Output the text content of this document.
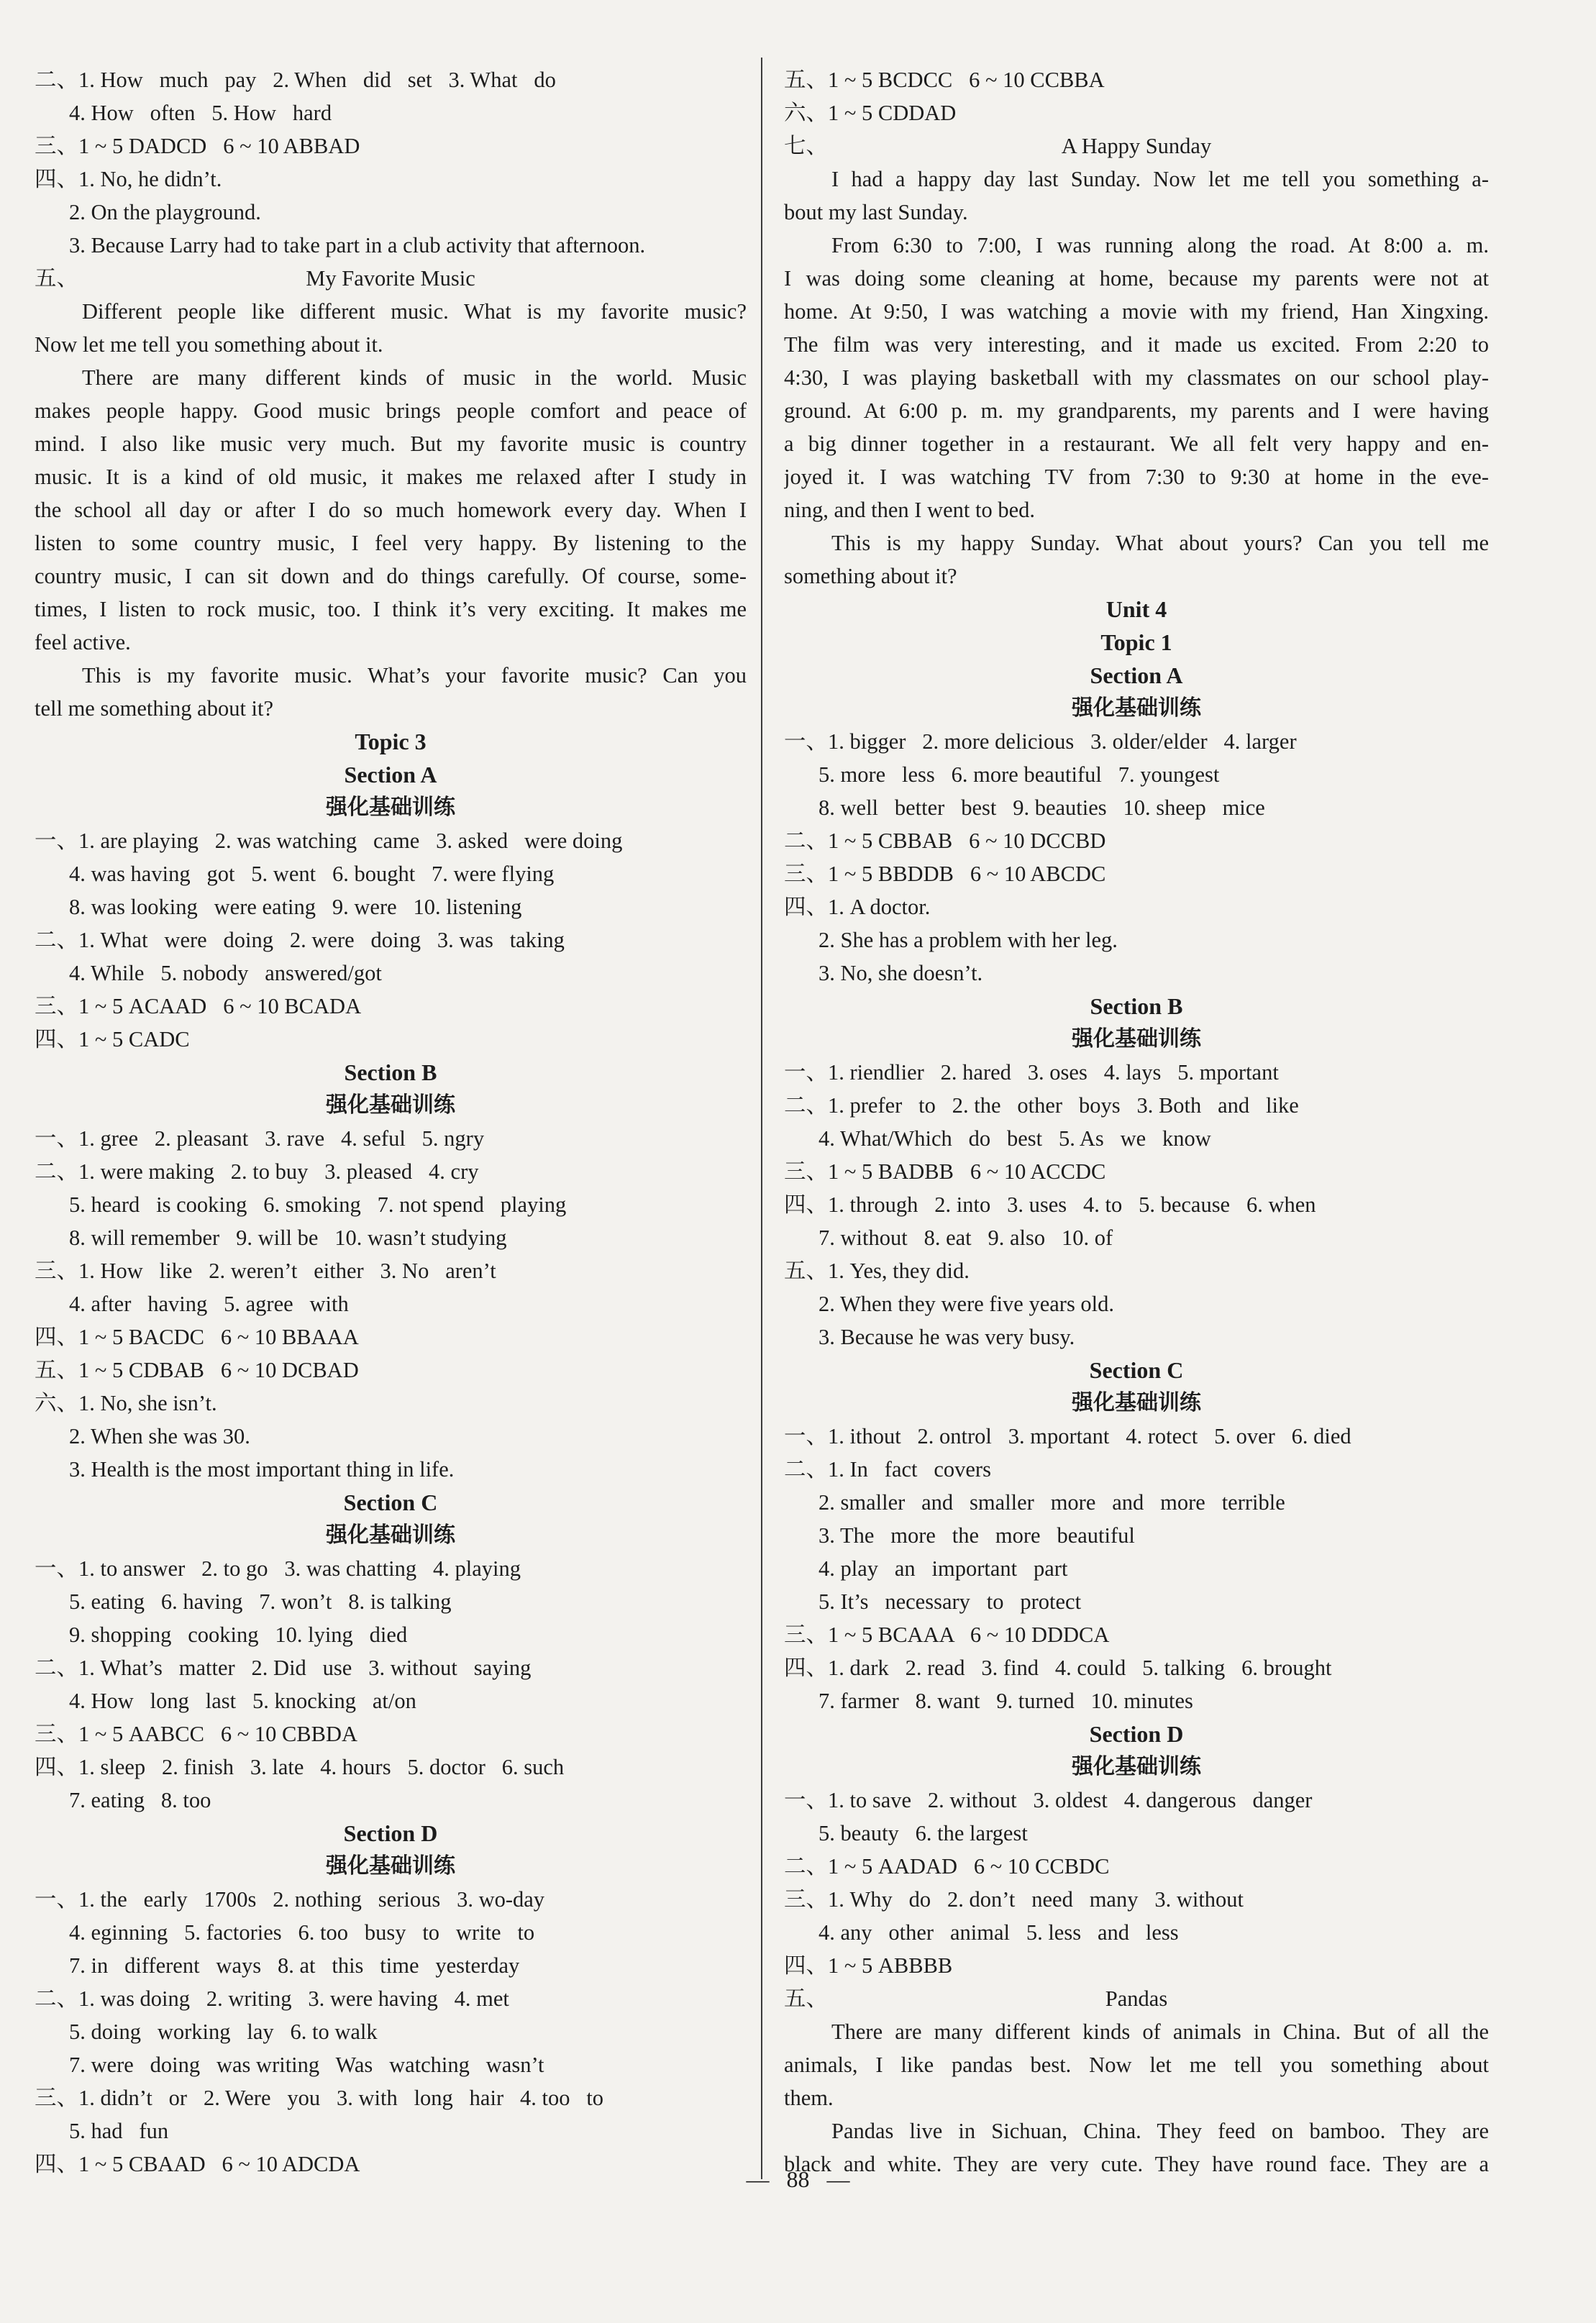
二、1. How   much   pay   2. When   did   set   3. What   do
4. How   often   5. How   hard
三、1 ~ 5 DADCD   6 ~ 10 ABBAD
四、1. No, he didn’t.
2. On the playground.
3. Because Larry had to take part in a club activity that afternoon.
五、	My Favorite Music
Different people like different music. What is my favorite music?
Now let me tell you something about it.
There are many different kinds of music in the world. Music
makes people happy. Good music brings people comfort and peace of
mind. I also like music very much. But my favorite music is country
music. It is a kind of old music, it makes me relaxed after I study in
the school all day or after I do so much homework every day. When I
listen to some country music, I feel very happy. By listening to the
country music, I can sit down and do things carefully. Of course, some-
times, I listen to rock music, too. I think it’s very exciting. It makes me
feel active.
This is my favorite music. What’s your favorite music? Can you
tell me something about it?
Topic 3
Section A
强化基础训练
一、1. are playing   2. was watching   came   3. asked   were doing
4. was having   got   5. went   6. bought   7. were flying
8. was looking   were eating   9. were   10. listening
二、1. What   were   doing   2. were   doing   3. was   taking
4. While   5. nobody   answered/got
三、1 ~ 5 ACAAD   6 ~ 10 BCADA
四、1 ~ 5 CADC
Section B
强化基础训练
一、1. gree   2. pleasant   3. rave   4. seful   5. ngry
二、1. were making   2. to buy   3. pleased   4. cry
5. heard   is cooking   6. smoking   7. not spend   playing
8. will remember   9. will be   10. wasn’t studying
三、1. How   like   2. weren’t   either   3. No   aren’t
4. after   having   5. agree   with
四、1 ~ 5 BACDC   6 ~ 10 BBAAA
五、1 ~ 5 CDBAB   6 ~ 10 DCBAD
六、1. No, she isn’t.
2. When she was 30.
3. Health is the most important thing in life.
Section C
强化基础训练
一、1. to answer   2. to go   3. was chatting   4. playing
5. eating   6. having   7. won’t   8. is talking
9. shopping   cooking   10. lying   died
二、1. What’s   matter   2. Did   use   3. without   saying
4. How   long   last   5. knocking   at/on
三、1 ~ 5 AABCC   6 ~ 10 CBBDA
四、1. sleep   2. finish   3. late   4. hours   5. doctor   6. such
7. eating   8. too
Section D
强化基础训练
一、1. the   early   1700s   2. nothing   serious   3. wo-day
4. eginning   5. factories   6. too   busy   to   write   to
7. in   different   ways   8. at   this   time   yesterday
二、1. was doing   2. writing   3. were having   4. met
5. doing   working   lay   6. to walk
7. were   doing   was writing   Was   watching   wasn’t
三、1. didn’t   or   2. Were   you   3. with   long   hair   4. too   to
5. had   fun
四、1 ~ 5 CBAAD   6 ~ 10 ADCDA
五、1 ~ 5 BCDCC   6 ~ 10 CCBBA
六、1 ~ 5 CDDAD
七、	A Happy Sunday
I had a happy day last Sunday. Now let me tell you something a-
bout my last Sunday.
From 6:30 to 7:00, I was running along the road. At 8:00 a. m.
I was doing some cleaning at home, because my parents were not at
home. At 9:50, I was watching a movie with my friend, Han Xingxing.
The film was very interesting, and it made us excited. From 2:20 to
4:30, I was playing basketball with my classmates on our school play-
ground. At 6:00 p. m. my grandparents, my parents and I were having
a big dinner together in a restaurant. We all felt very happy and en-
joyed it. I was watching TV from 7:30 to 9:30 at home in the eve-
ning, and then I went to bed.
This is my happy Sunday. What about yours? Can you tell me
something about it?
Unit 4
Topic 1
Section A
强化基础训练
一、1. bigger   2. more delicious   3. older/elder   4. larger
5. more   less   6. more beautiful   7. youngest
8. well   better   best   9. beauties   10. sheep   mice
二、1 ~ 5 CBBAB   6 ~ 10 DCCBD
三、1 ~ 5 BBDDB   6 ~ 10 ABCDC
四、1. A doctor.
2. She has a problem with her leg.
3. No, she doesn’t.
Section B
强化基础训练
一、1. riendlier   2. hared   3. oses   4. lays   5. mportant
二、1. prefer   to   2. the   other   boys   3. Both   and   like
4. What/Which   do   best   5. As   we   know
三、1 ~ 5 BADBB   6 ~ 10 ACCDC
四、1. through   2. into   3. uses   4. to   5. because   6. when
7. without   8. eat   9. also   10. of
五、1. Yes, they did.
2. When they were five years old.
3. Because he was very busy.
Section C
强化基础训练
一、1. ithout   2. ontrol   3. mportant   4. rotect   5. over   6. died
二、1. In   fact   covers
2. smaller   and   smaller   more   and   more   terrible
3. The   more   the   more   beautiful
4. play   an   important   part
5. It’s   necessary   to   protect
三、1 ~ 5 BCAAA   6 ~ 10 DDDCA
四、1. dark   2. read   3. find   4. could   5. talking   6. brought
7. farmer   8. want   9. turned   10. minutes
Section D
强化基础训练
一、1. to save   2. without   3. oldest   4. dangerous   danger
5. beauty   6. the largest
二、1 ~ 5 AADAD   6 ~ 10 CCBDC
三、1. Why   do   2. don’t   need   many   3. without
4. any   other   animal   5. less   and   less
四、1 ~ 5 ABBBB
五、	Pandas
There are many different kinds of animals in China. But of all the
animals, I like pandas best. Now let me tell you something about
them.
Pandas live in Sichuan, China. They feed on bamboo. They are
black and white. They are very cute. They have round face. They are a
—   88   —
